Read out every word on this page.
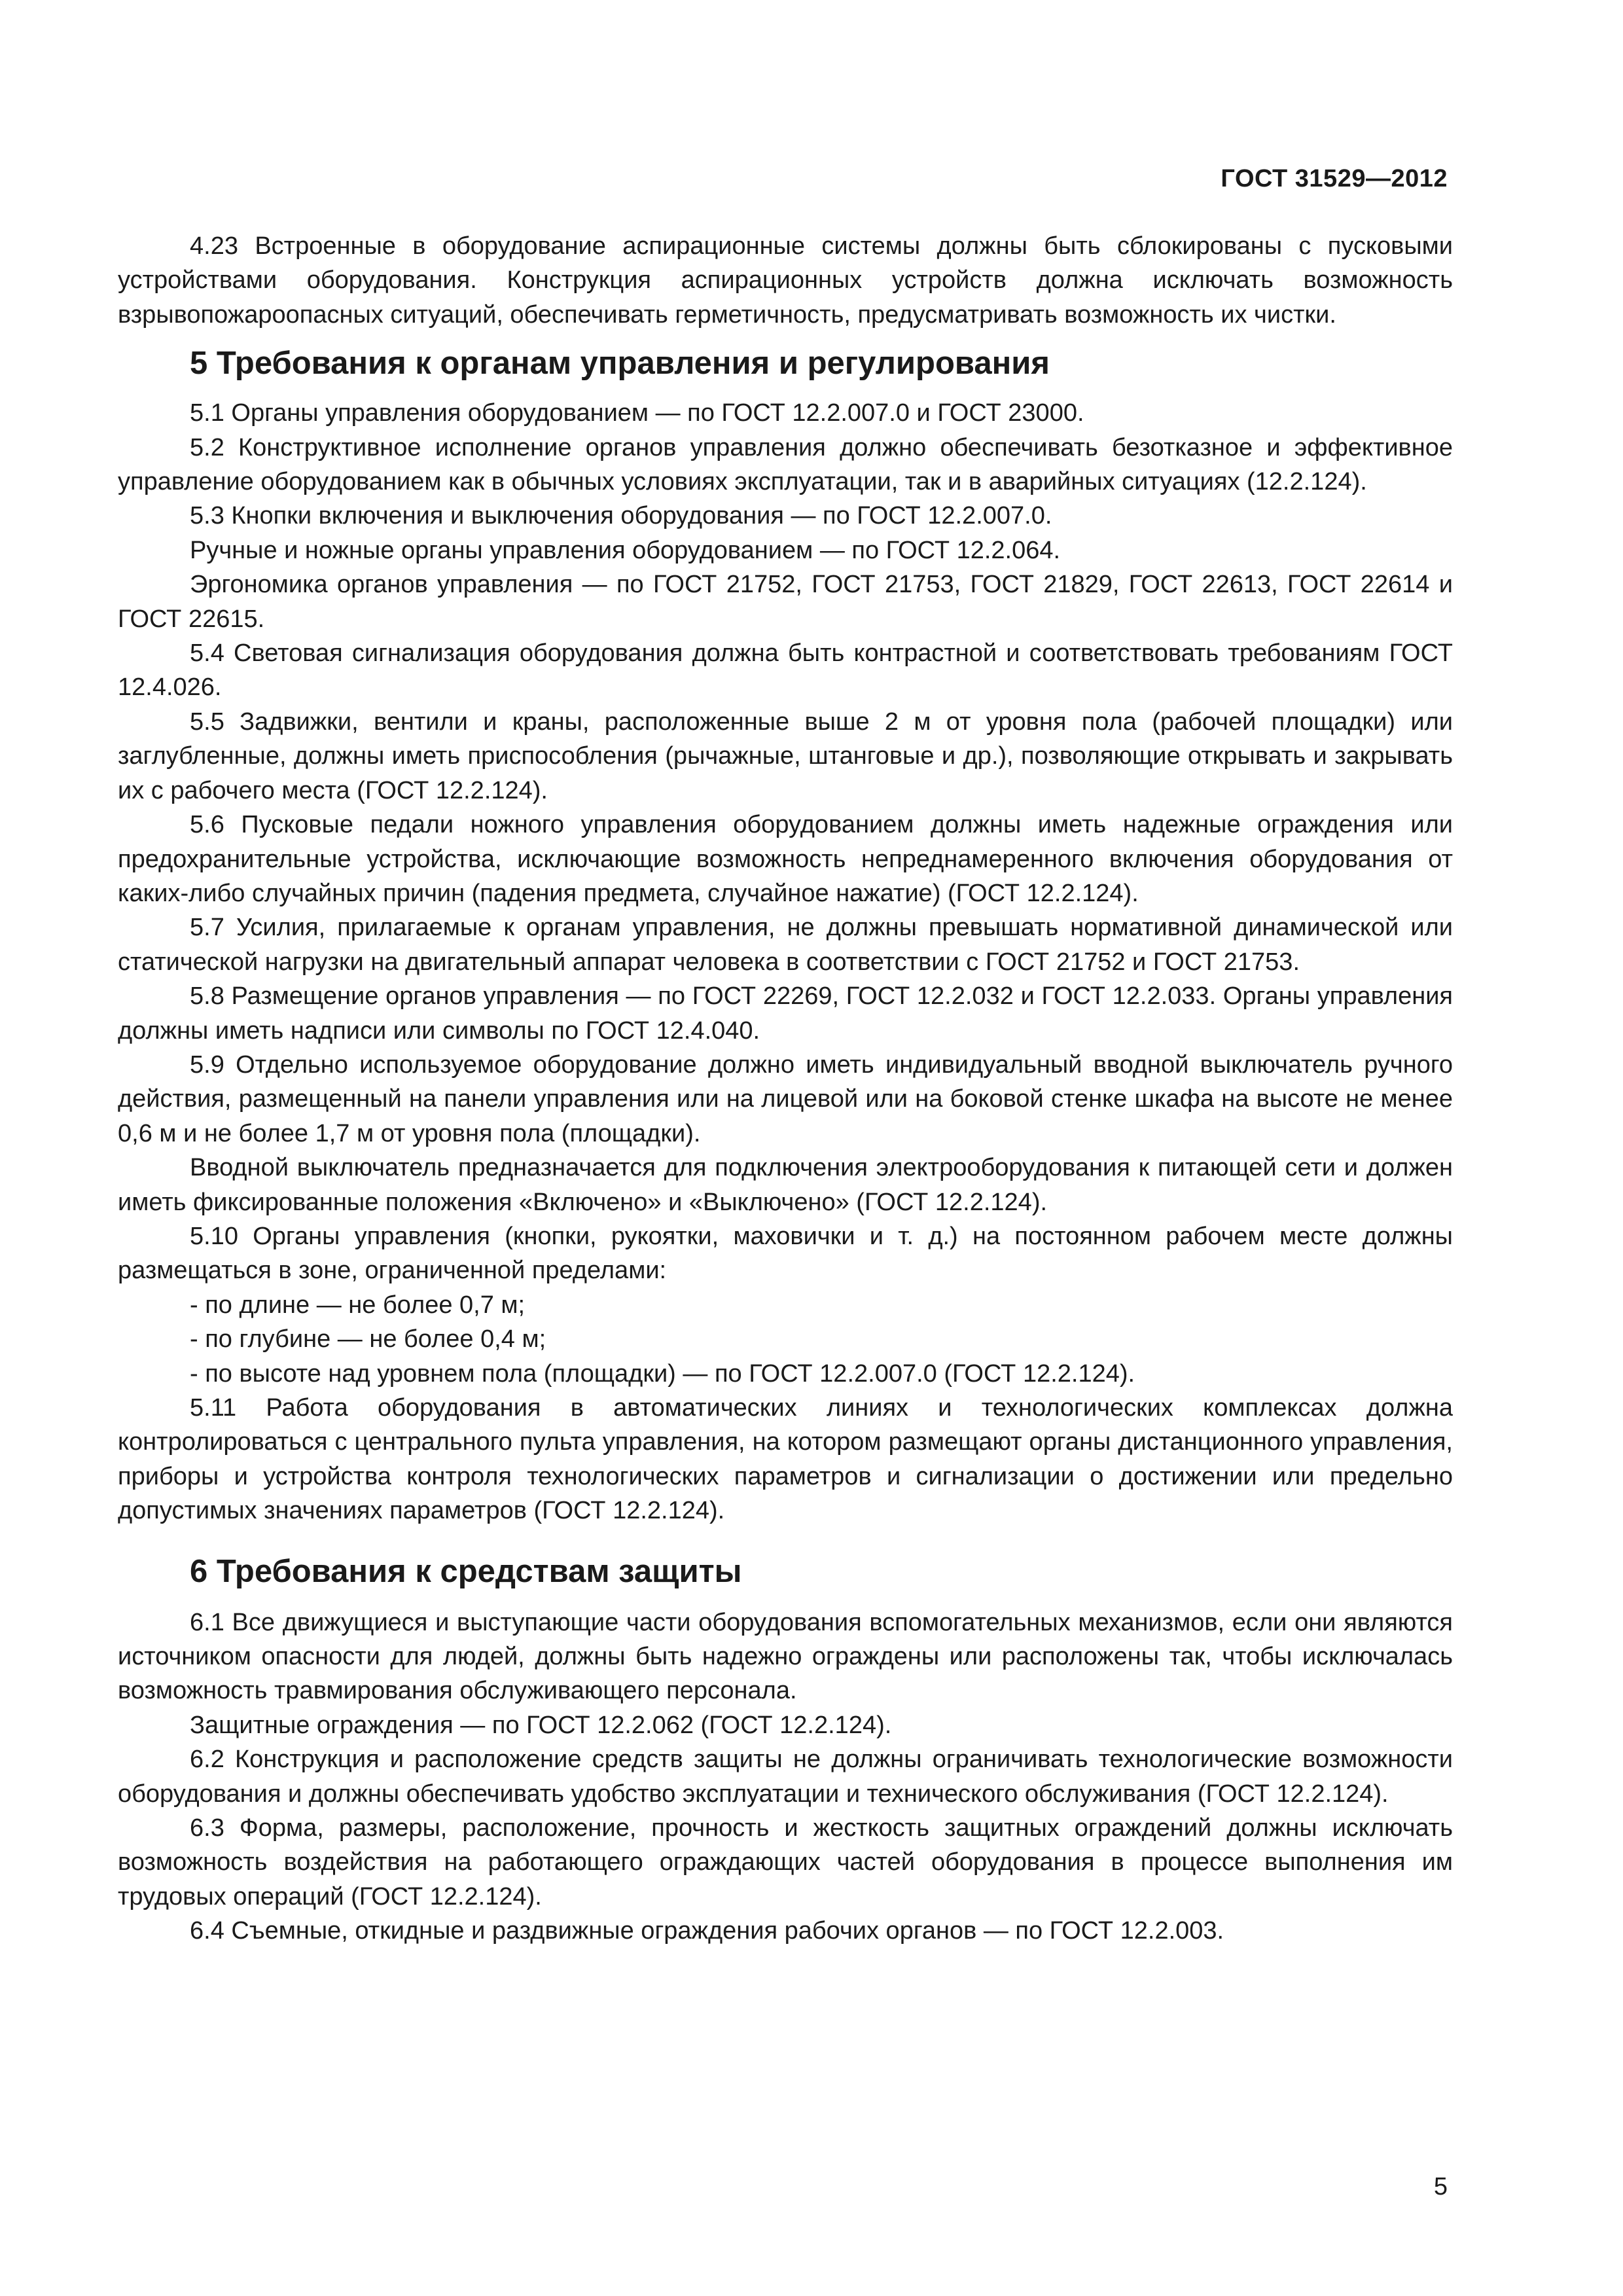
ГОСТ 31529—2012

4.23 Встроенные в оборудование аспирационные системы должны быть сблокированы с пусковыми устройствами оборудования. Конструкция аспирационных устройств должна исключать возможность взрывопожароопасных ситуаций, обеспечивать герметичность, предусматривать возможность их чистки.

5 Требования к органам управления и регулирования

5.1 Органы управления оборудованием — по ГОСТ 12.2.007.0 и ГОСТ 23000.

5.2 Конструктивное исполнение органов управления должно обеспечивать безотказное и эффективное управление оборудованием как в обычных условиях эксплуатации, так и в аварийных ситуациях (12.2.124).

5.3 Кнопки включения и выключения оборудования — по ГОСТ 12.2.007.0.

Ручные и ножные органы управления оборудованием — по ГОСТ 12.2.064.

Эргономика органов управления — по ГОСТ 21752, ГОСТ 21753, ГОСТ 21829, ГОСТ 22613, ГОСТ 22614 и ГОСТ 22615.

5.4 Световая сигнализация оборудования должна быть контрастной и соответствовать требованиям ГОСТ 12.4.026.

5.5 Задвижки, вентили и краны, расположенные выше 2 м от уровня пола (рабочей площадки) или заглубленные, должны иметь приспособления (рычажные, штанговые и др.), позволяющие открывать и закрывать их с рабочего места (ГОСТ 12.2.124).

5.6 Пусковые педали ножного управления оборудованием должны иметь надежные ограждения или предохранительные устройства, исключающие возможность непреднамеренного включения оборудования от каких-либо случайных причин (падения предмета, случайное нажатие) (ГОСТ 12.2.124).

5.7 Усилия, прилагаемые к органам управления, не должны превышать нормативной динамической или статической нагрузки на двигательный аппарат человека в соответствии с ГОСТ 21752 и ГОСТ 21753.

5.8 Размещение органов управления — по ГОСТ 22269, ГОСТ 12.2.032 и ГОСТ 12.2.033. Органы управления должны иметь надписи или символы по ГОСТ 12.4.040.

5.9 Отдельно используемое оборудование должно иметь индивидуальный вводной выключатель ручного действия, размещенный на панели управления или на лицевой или на боковой стенке шкафа на высоте не менее 0,6 м и не более 1,7 м от уровня пола (площадки).

Вводной выключатель предназначается для подключения электрооборудования к питающей сети и должен иметь фиксированные положения «Включено» и «Выключено» (ГОСТ 12.2.124).

5.10 Органы управления (кнопки, рукоятки, маховички и т. д.) на постоянном рабочем месте должны размещаться в зоне, ограниченной пределами:

- по длине — не более 0,7 м;

- по глубине — не более 0,4 м;

- по высоте над уровнем пола (площадки) — по ГОСТ 12.2.007.0 (ГОСТ 12.2.124).

5.11 Работа оборудования в автоматических линиях и технологических комплексах должна контролироваться с центрального пульта управления, на котором размещают органы дистанционного управления, приборы и устройства контроля технологических параметров и сигнализации о достижении или предельно допустимых значениях параметров (ГОСТ 12.2.124).

6 Требования к средствам защиты

6.1 Все движущиеся и выступающие части оборудования вспомогательных механизмов, если они являются источником опасности для людей, должны быть надежно ограждены или расположены так, чтобы исключалась возможность травмирования обслуживающего персонала.

Защитные ограждения — по ГОСТ 12.2.062 (ГОСТ 12.2.124).

6.2 Конструкция и расположение средств защиты не должны ограничивать технологические возможности оборудования и должны обеспечивать удобство эксплуатации и технического обслуживания (ГОСТ 12.2.124).

6.3 Форма, размеры, расположение, прочность и жесткость защитных ограждений должны исключать возможность воздействия на работающего ограждающих частей оборудования в процессе выполнения им трудовых операций (ГОСТ 12.2.124).

6.4 Съемные, откидные и раздвижные ограждения рабочих органов — по ГОСТ 12.2.003.

5
